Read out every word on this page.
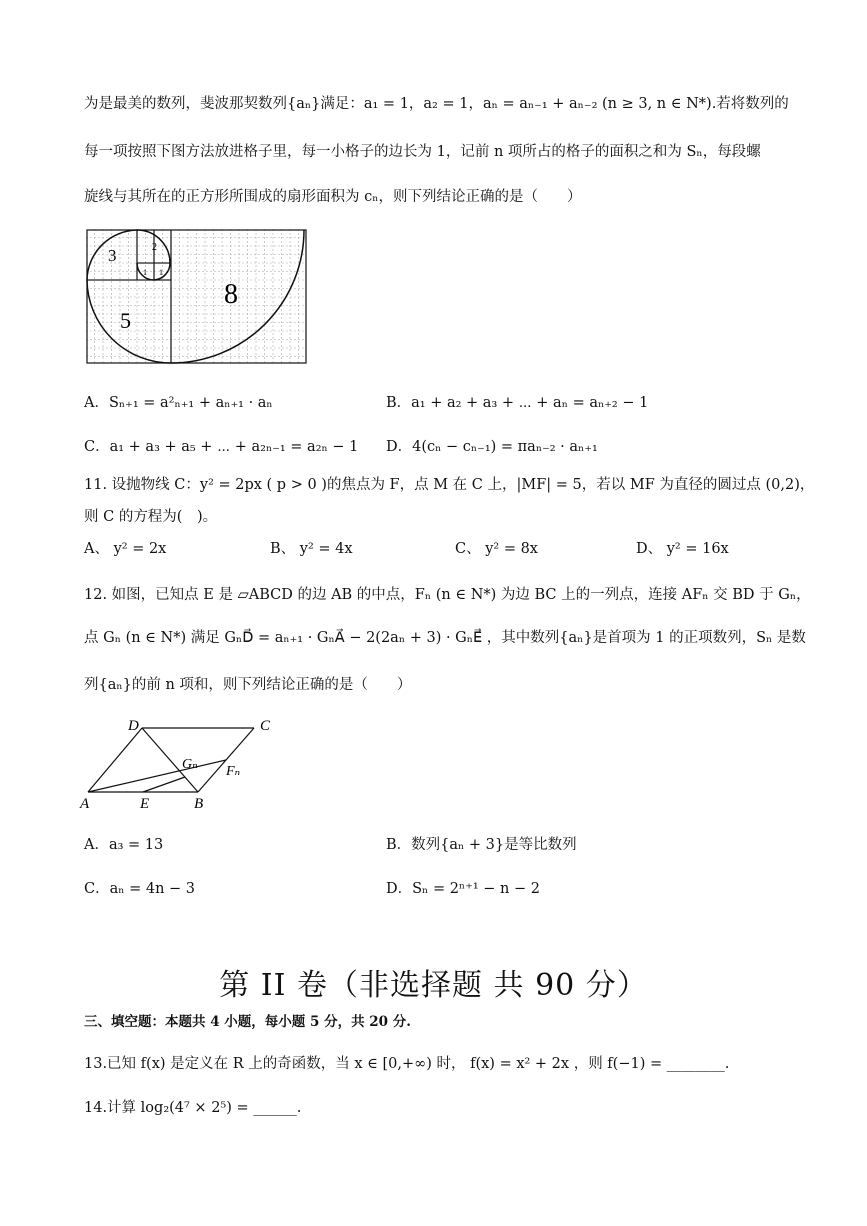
为是最美的数列，斐波那契数列{aₙ}满足：a₁ = 1，a₂ = 1，aₙ = aₙ₋₁ + aₙ₋₂ (n ≥ 3, n ∈ N*).若将数列的
每一项按照下图方法放进格子里，每一小格子的边长为 1，记前 n 项所占的格子的面积之和为 Sₙ，每段螺
旋线与其所在的正方形所围成的扇形面积为 cₙ，则下列结论正确的是（　　）
3	2
1 1
5
8
A．Sₙ₊₁ = a²ₙ₊₁ + aₙ₊₁ · aₙ	B．a₁ + a₂ + a₃ + ⋯ + aₙ = aₙ₊₂ − 1
C．a₁ + a₃ + a₅ + ⋯ + a₂ₙ₋₁ = a₂ₙ − 1 D．4(cₙ − cₙ₋₁) = πaₙ₋₂ · aₙ₊₁
11. 设抛物线 C：y² = 2px ( p > 0 )的焦点为 F，点 M 在 C 上，|MF| = 5，若以 MF 为直径的圆过点 (0,2)，
则 C 的方程为(　)。
A、 y² = 2x	B、 y² = 4x	C、 y² = 8x	D、 y² = 16x
12. 如图，已知点 E 是 ▱ABCD 的边 AB 的中点，Fₙ (n ∈ N*) 为边 BC 上的一列点，连接 AFₙ 交 BD 于 Gₙ，
点 Gₙ (n ∈ N*) 满足 GₙD⃗ = aₙ₊₁ · GₙA⃗ − 2(2aₙ + 3) · GₙE⃗ ，其中数列{aₙ}是首项为 1 的正项数列，Sₙ 是数
列{aₙ}的前 n 项和，则下列结论正确的是（　　）
D	C
Gₙ Fₙ
A	E	B
A．a₃ = 13	B．数列{aₙ + 3}是等比数列
C．aₙ = 4n − 3	D．Sₙ = 2ⁿ⁺¹ − n − 2
第 II 卷（非选择题 共 90 分）
三、填空题：本题共 4 小题，每小题 5 分，共 20 分.
13.已知 f(x) 是定义在 R 上的奇函数，当 x ∈ [0,+∞) 时， f(x) = x² + 2x ，则 f(−1) = ________.
14.计算 log₂(4⁷ × 2⁵) = ______.
